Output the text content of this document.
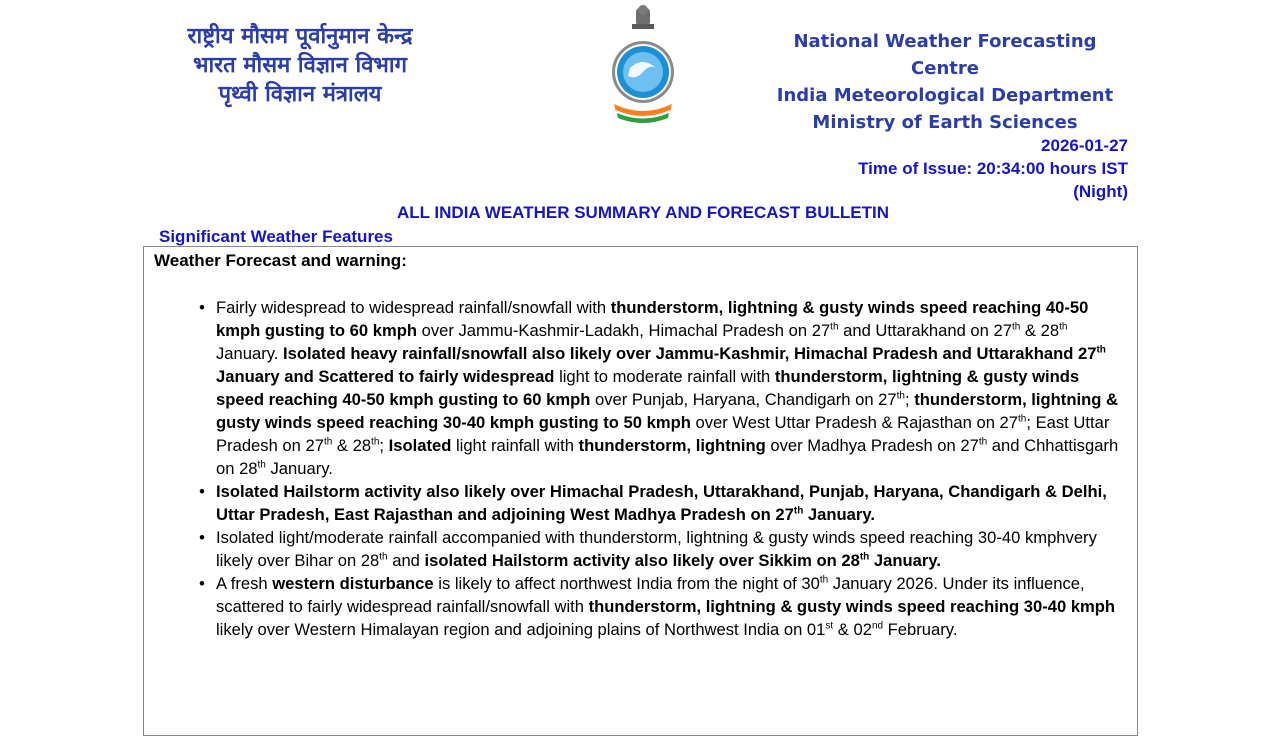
राष्ट्रीय मौसम पूर्वानुमान केन्द्र
भारत मौसम विज्ञान विभाग
पृथ्वी विज्ञान मंत्रालय
National Weather Forecasting Centre
India Meteorological Department
Ministry of Earth Sciences
2026-01-27
Time of Issue: 20:34:00 hours IST
(Night)
ALL INDIA WEATHER SUMMARY AND FORECAST BULLETIN
Significant Weather Features
Weather Forecast and warning:
• Fairly widespread to widespread rainfall/snowfall with thunderstorm, lightning & gusty winds speed reaching 40-50 kmph gusting to 60 kmph over Jammu-Kashmir-Ladakh, Himachal Pradesh on 27th and Uttarakhand on 27th & 28th January. Isolated heavy rainfall/snowfall also likely over Jammu-Kashmir, Himachal Pradesh and Uttarakhand 27th January and Scattered to fairly widespread light to moderate rainfall with thunderstorm, lightning & gusty winds speed reaching 40-50 kmph gusting to 60 kmph over Punjab, Haryana, Chandigarh on 27th; thunderstorm, lightning & gusty winds speed reaching 30-40 kmph gusting to 50 kmph over West Uttar Pradesh & Rajasthan on 27th; East Uttar Pradesh on 27th & 28th; Isolated light rainfall with thunderstorm, lightning over Madhya Pradesh on 27th and Chhattisgarh on 28th January.
• Isolated Hailstorm activity also likely over Himachal Pradesh, Uttarakhand, Punjab, Haryana, Chandigarh & Delhi, Uttar Pradesh, East Rajasthan and adjoining West Madhya Pradesh on 27th January.
• Isolated light/moderate rainfall accompanied with thunderstorm, lightning & gusty winds speed reaching 30-40 kmphvery likely over Bihar on 28th and isolated Hailstorm activity also likely over Sikkim on 28th January.
• A fresh western disturbance is likely to affect northwest India from the night of 30th January 2026. Under its influence, scattered to fairly widespread rainfall/snowfall with thunderstorm, lightning & gusty winds speed reaching 30-40 kmph likely over Western Himalayan region and adjoining plains of Northwest India on 01st & 02nd February.
